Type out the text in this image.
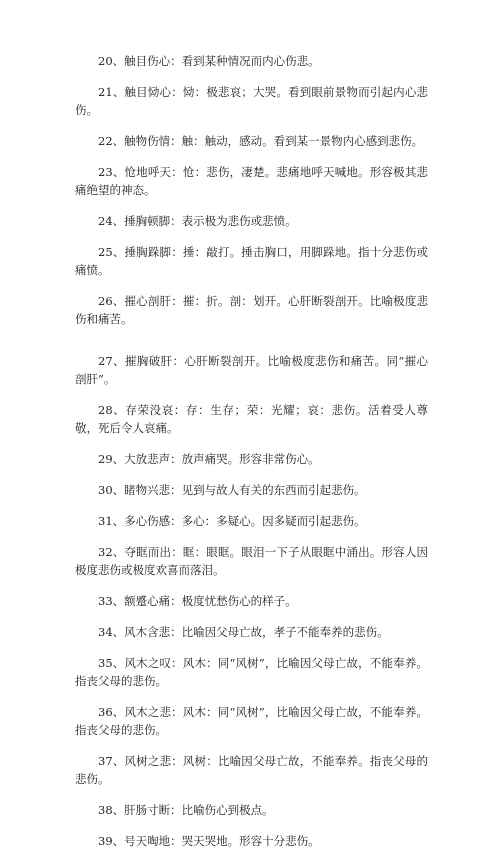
20、触目伤心：看到某种情况而内心伤悲。

21、触目恸心：恸：极悲哀；大哭。看到眼前景物而引起内心悲伤。

22、触物伤情：触：触动，感动。看到某一景物内心感到悲伤。

23、怆地呼天：怆：悲伤，凄楚。悲痛地呼天喊地。形容极其悲痛绝望的神态。

24、捶胸顿脚：表示极为悲伤或悲愤。

25、捶胸跺脚：捶：敲打。捶击胸口，用脚跺地。指十分悲伤或痛愤。

26、摧心剖肝：摧：折。剖：划开。心肝断裂剖开。比喻极度悲伤和痛苦。

27、摧胸破肝：心肝断裂剖开。比喻极度悲伤和痛苦。同“摧心剖肝”。

28、存荣没哀：存：生存；荣：光耀；哀：悲伤。活着受人尊敬，死后令人哀痛。

29、大放悲声：放声痛哭。形容非常伤心。

30、睹物兴悲：见到与故人有关的东西而引起悲伤。

31、多心伤感：多心：多疑心。因多疑而引起悲伤。

32、夺眶而出：眶：眼眶。眼泪一下子从眼眶中涌出。形容人因极度悲伤或极度欢喜而落泪。

33、额蹙心痛：极度忧愁伤心的样子。

34、风木含悲：比喻因父母亡故，孝子不能奉养的悲伤。

35、风木之叹：风木：同“风树”，比喻因父母亡故，不能奉养。指丧父母的悲伤。

36、风木之悲：风木：同“风树”，比喻因父母亡故，不能奉养。指丧父母的悲伤。

37、风树之悲：风树：比喻因父母亡故，不能奉养。指丧父母的悲伤。

38、肝肠寸断：比喻伤心到极点。

39、号天啕地：哭天哭地。形容十分悲伤。
